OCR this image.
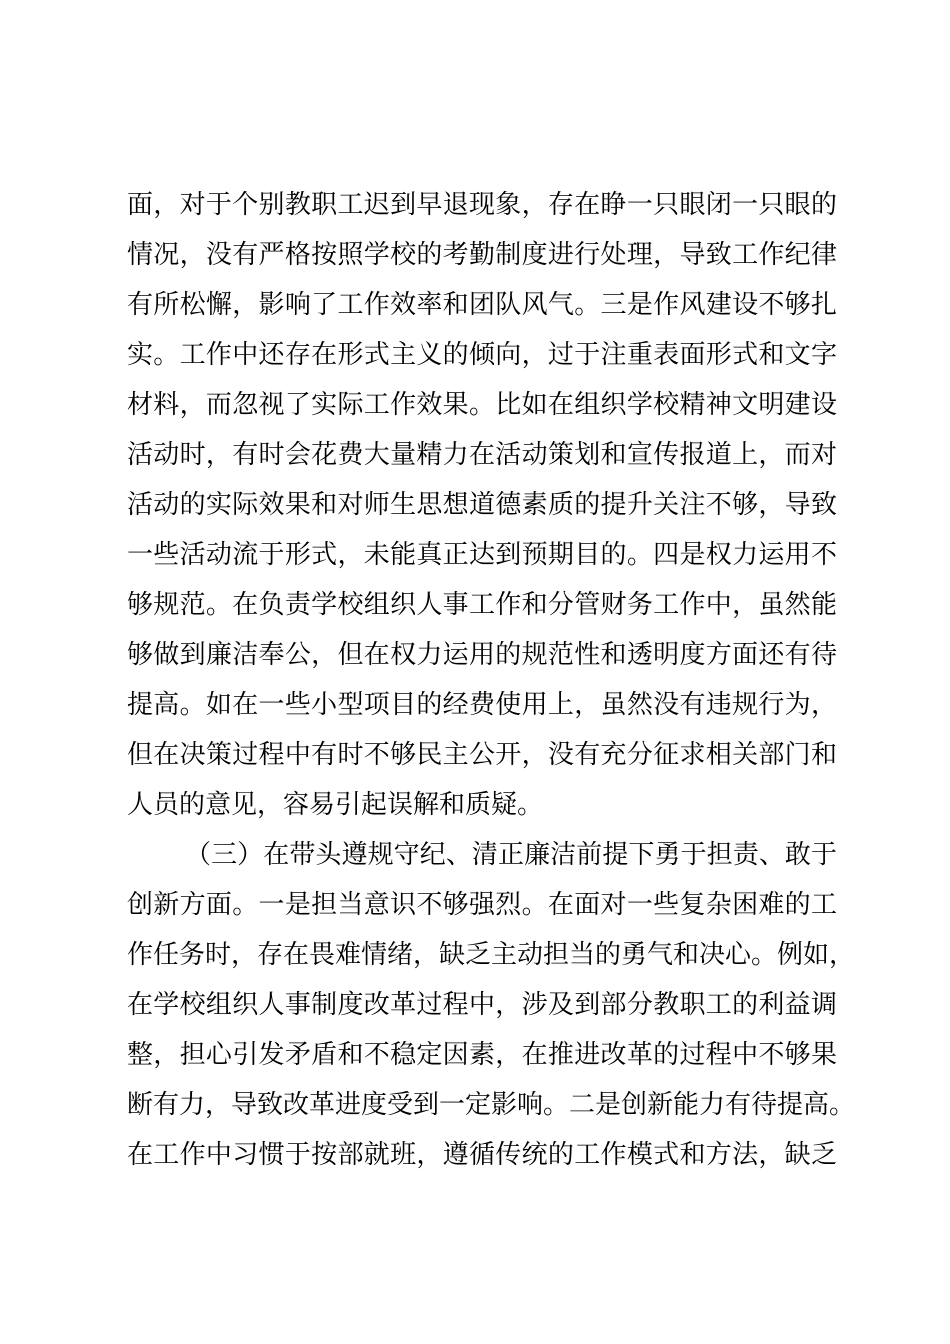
面，对于个别教职工迟到早退现象，存在睁一只眼闭一只眼的
情况，没有严格按照学校的考勤制度进行处理，导致工作纪律
有所松懈，影响了工作效率和团队风气。三是作风建设不够扎
实。工作中还存在形式主义的倾向，过于注重表面形式和文字
材料，而忽视了实际工作效果。比如在组织学校精神文明建设
活动时，有时会花费大量精力在活动策划和宣传报道上，而对
活动的实际效果和对师生思想道德素质的提升关注不够，导致
一些活动流于形式，未能真正达到预期目的。四是权力运用不
够规范。在负责学校组织人事工作和分管财务工作中，虽然能
够做到廉洁奉公，但在权力运用的规范性和透明度方面还有待
提高。如在一些小型项目的经费使用上，虽然没有违规行为，
但在决策过程中有时不够民主公开，没有充分征求相关部门和
人员的意见，容易引起误解和质疑。
（三）在带头遵规守纪、清正廉洁前提下勇于担责、敢于
创新方面。一是担当意识不够强烈。在面对一些复杂困难的工
作任务时，存在畏难情绪，缺乏主动担当的勇气和决心。例如，
在学校组织人事制度改革过程中，涉及到部分教职工的利益调
整，担心引发矛盾和不稳定因素，在推进改革的过程中不够果
断有力，导致改革进度受到一定影响。二是创新能力有待提高。
在工作中习惯于按部就班，遵循传统的工作模式和方法，缺乏
